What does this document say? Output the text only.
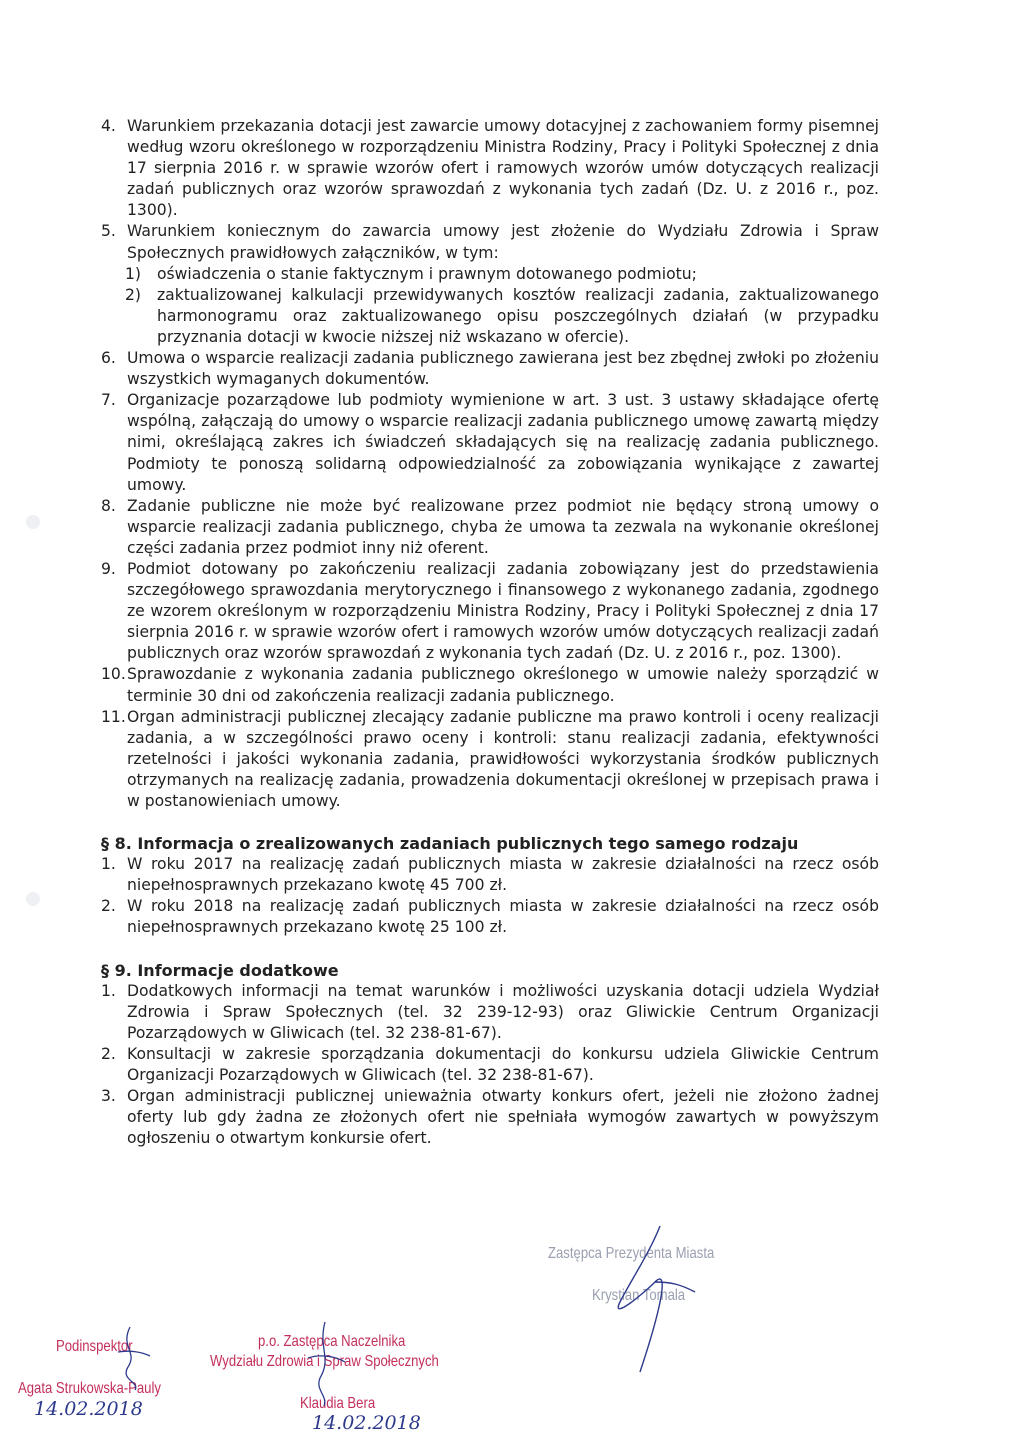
4. Warunkiem przekazania dotacji jest zawarcie umowy dotacyjnej z zachowaniem formy pisemnej według wzoru określonego w rozporządzeniu Ministra Rodziny, Pracy i Polityki Społecznej z dnia 17 sierpnia 2016 r. w sprawie wzorów ofert i ramowych wzorów umów dotyczących realizacji zadań publicznych oraz wzorów sprawozdań z wykonania tych zadań (Dz. U. z 2016 r., poz. 1300).
5. Warunkiem koniecznym do zawarcia umowy jest złożenie do Wydziału Zdrowia i Spraw Społecznych prawidłowych załączników, w tym:
1) oświadczenia o stanie faktycznym i prawnym dotowanego podmiotu;
2) zaktualizowanej kalkulacji przewidywanych kosztów realizacji zadania, zaktualizowanego harmonogramu oraz zaktualizowanego opisu poszczególnych działań (w przypadku przyznania dotacji w kwocie niższej niż wskazano w ofercie).
6. Umowa o wsparcie realizacji zadania publicznego zawierana jest bez zbędnej zwłoki po złożeniu wszystkich wymaganych dokumentów.
7. Organizacje pozarządowe lub podmioty wymienione w art. 3 ust. 3 ustawy składające ofertę wspólną, załączają do umowy o wsparcie realizacji zadania publicznego umowę zawartą między nimi, określającą zakres ich świadczeń składających się na realizację zadania publicznego. Podmioty te ponoszą solidarną odpowiedzialność za zobowiązania wynikające z zawartej umowy.
8. Zadanie publiczne nie może być realizowane przez podmiot nie będący stroną umowy o wsparcie realizacji zadania publicznego, chyba że umowa ta zezwala na wykonanie określonej części zadania przez podmiot inny niż oferent.
9. Podmiot dotowany po zakończeniu realizacji zadania zobowiązany jest do przedstawienia szczegółowego sprawozdania merytorycznego i finansowego z wykonanego zadania, zgodnego ze wzorem określonym w rozporządzeniu Ministra Rodziny, Pracy i Polityki Społecznej z dnia 17 sierpnia 2016 r. w sprawie wzorów ofert i ramowych wzorów umów dotyczących realizacji zadań publicznych oraz wzorów sprawozdań z wykonania tych zadań (Dz. U. z 2016 r., poz. 1300).
10. Sprawozdanie z wykonania zadania publicznego określonego w umowie należy sporządzić w terminie 30 dni od zakończenia realizacji zadania publicznego.
11. Organ administracji publicznej zlecający zadanie publiczne ma prawo kontroli i oceny realizacji zadania, a w szczególności prawo oceny i kontroli: stanu realizacji zadania, efektywności rzetelności i jakości wykonania zadania, prawidłowości wykorzystania środków publicznych otrzymanych na realizację zadania, prowadzenia dokumentacji określonej w przepisach prawa i w postanowieniach umowy.
§ 8. Informacja o zrealizowanych zadaniach publicznych tego samego rodzaju
1. W roku 2017 na realizację zadań publicznych miasta w zakresie działalności na rzecz osób niepełnosprawnych przekazano kwotę 45 700 zł.
2. W roku 2018 na realizację zadań publicznych miasta w zakresie działalności na rzecz osób niepełnosprawnych przekazano kwotę 25 100 zł.
§ 9. Informacje dodatkowe
1. Dodatkowych informacji na temat warunków i możliwości uzyskania dotacji udziela Wydział Zdrowia i Spraw Społecznych (tel. 32 239-12-93) oraz Gliwickie Centrum Organizacji Pozarządowych w Gliwicach (tel. 32 238-81-67).
2. Konsultacji w zakresie sporządzania dokumentacji do konkursu udziela Gliwickie Centrum Organizacji Pozarządowych w Gliwicach (tel. 32 238-81-67).
3. Organ administracji publicznej unieważnia otwarty konkurs ofert, jeżeli nie złożono żadnej oferty lub gdy żadna ze złożonych ofert nie spełniała wymogów zawartych w powyższym ogłoszeniu o otwartym konkursie ofert.
Zastępca Prezydenta Miasta
Krystian Tomala
Podinspektor
Agata Strukowska-Pauly
14.02.2018
p.o. Zastępca Naczelnika
Wydziału Zdrowia i Spraw Społecznych
Klaudia Bera
14.02.2018
